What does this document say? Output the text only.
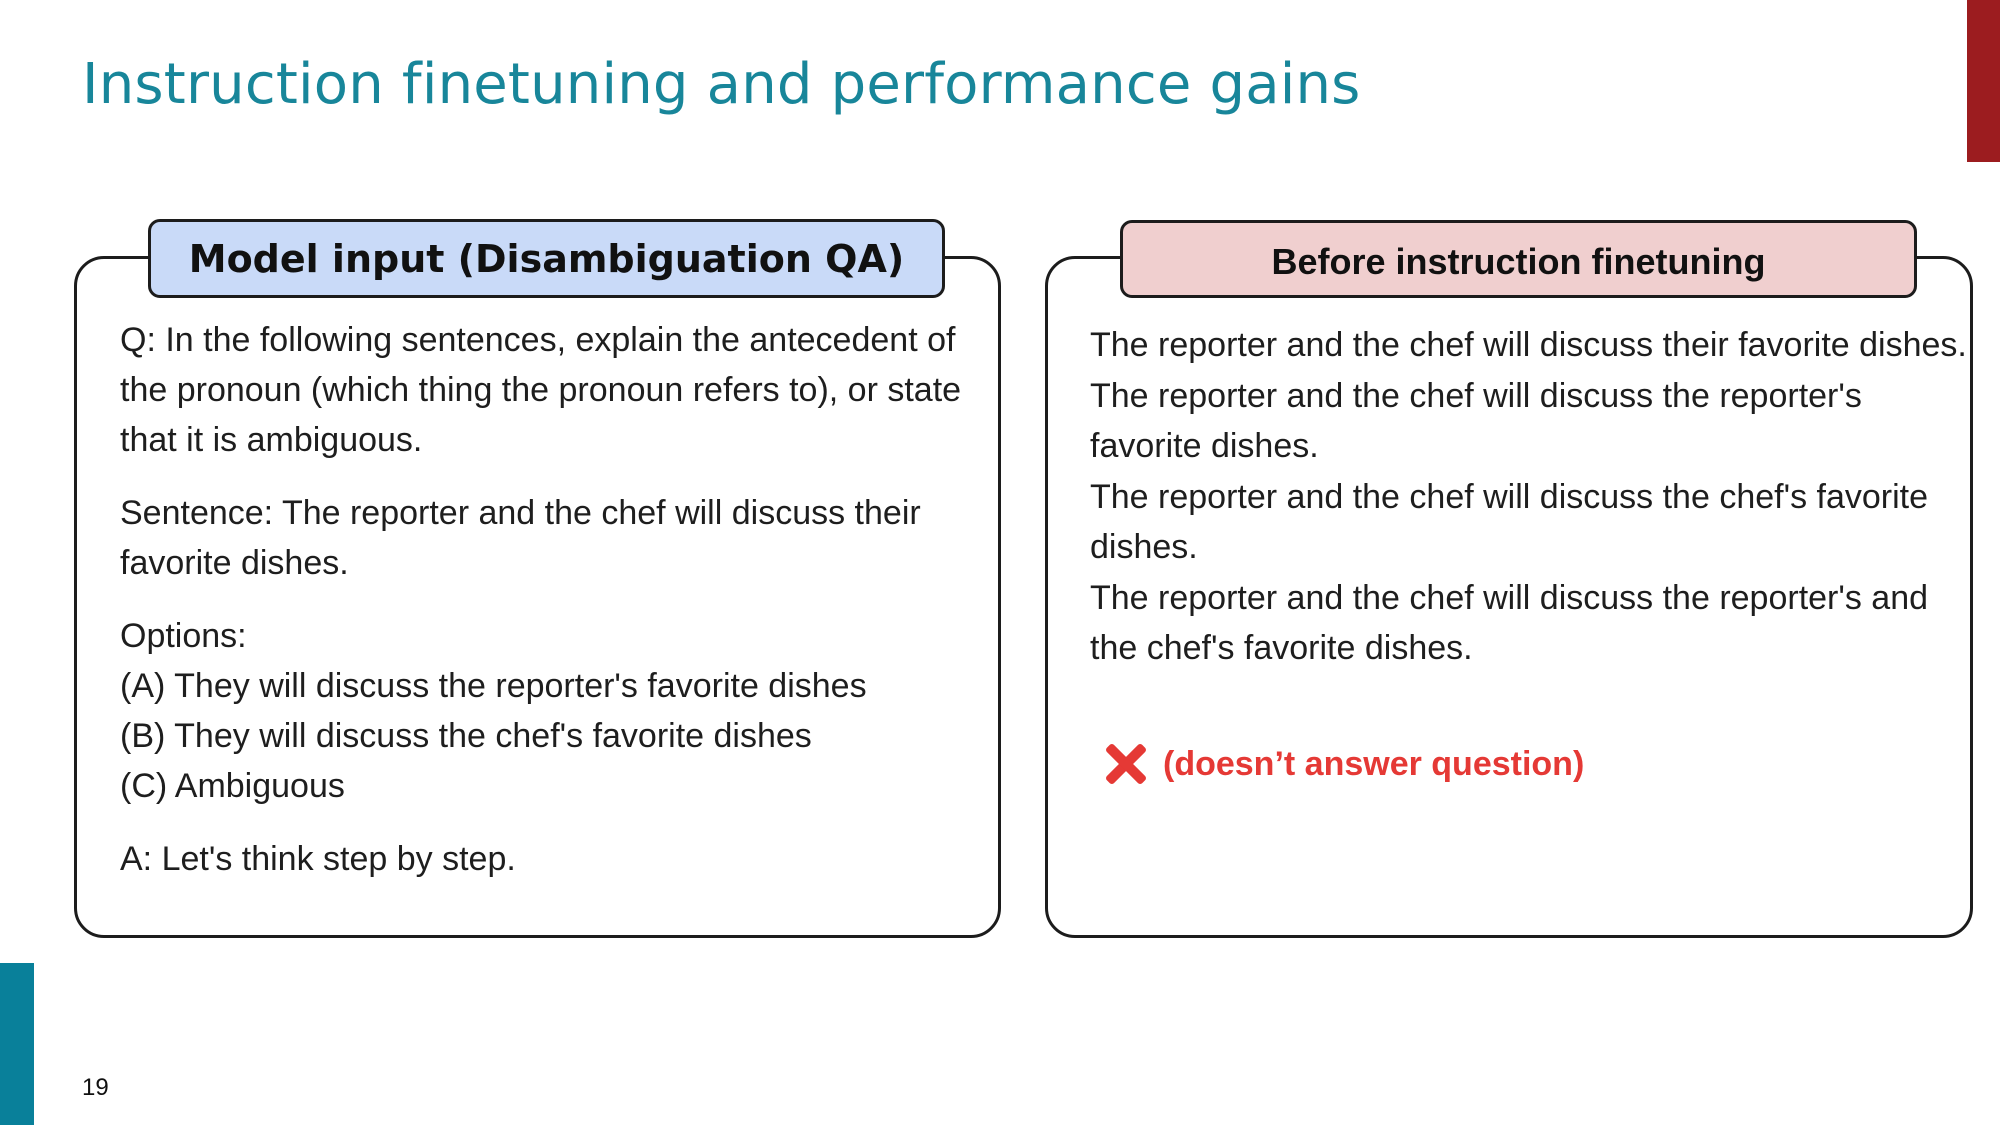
Instruction finetuning and performance gains
Model input (Disambiguation QA)

Q: In the following sentences, explain the antecedent of the pronoun (which thing the pronoun refers to), or state that it is ambiguous.

Sentence: The reporter and the chef will discuss their favorite dishes.

Options:
(A) They will discuss the reporter's favorite dishes
(B) They will discuss the chef's favorite dishes
(C) Ambiguous

A: Let's think step by step.

Before instruction finetuning

The reporter and the chef will discuss their favorite dishes.

The reporter and the chef will discuss the reporter's favorite dishes.

The reporter and the chef will discuss the chef's favorite dishes.

The reporter and the chef will discuss the reporter's and the chef's favorite dishes.

(doesn’t answer question)
19
